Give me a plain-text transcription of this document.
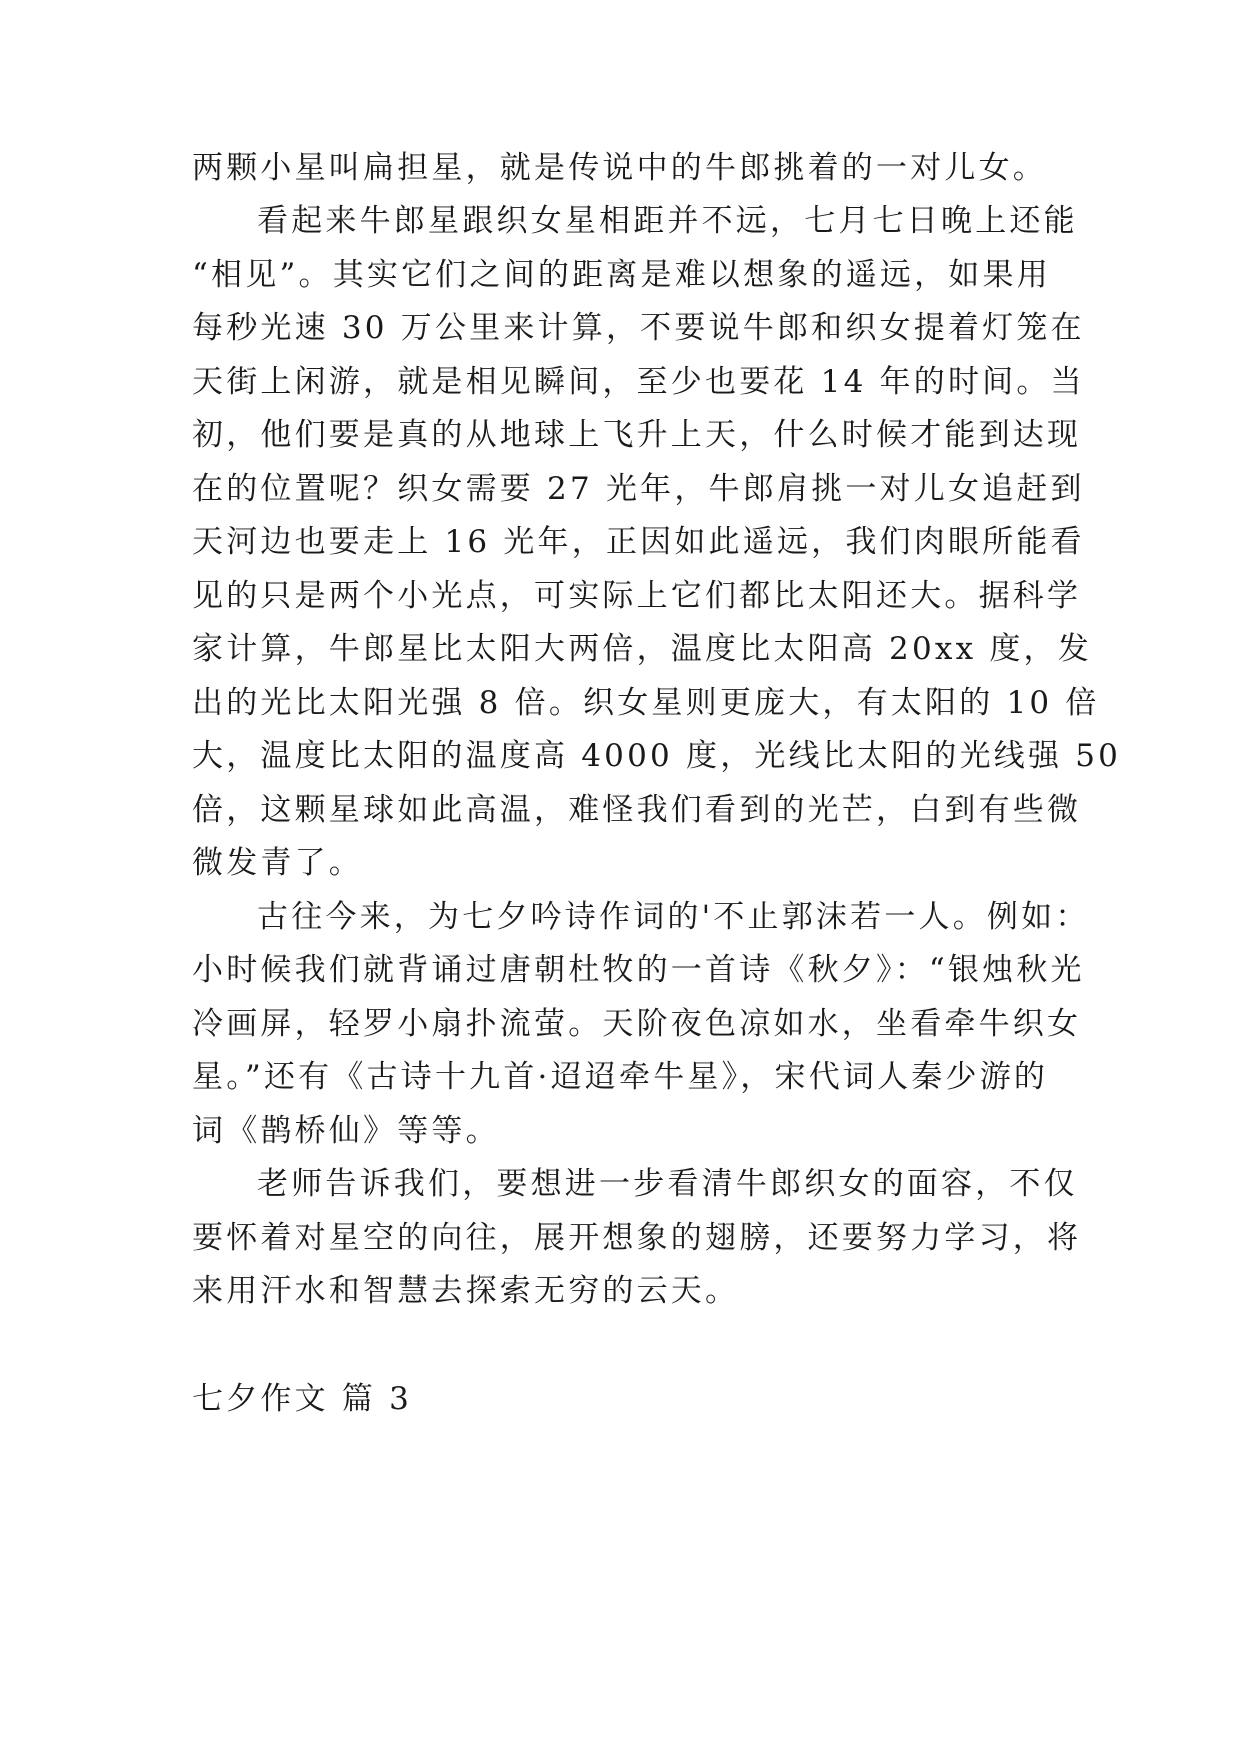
两颗小星叫扁担星，就是传说中的牛郎挑着的一对儿女。

看起来牛郎星跟织女星相距并不远，七月七日晚上还能

“相见”。其实它们之间的距离是难以想象的遥远，如果用

每秒光速 30 万公里来计算，不要说牛郎和织女提着灯笼在

天街上闲游，就是相见瞬间，至少也要花 14 年的时间。当

初，他们要是真的从地球上飞升上天，什么时候才能到达现

在的位置呢？织女需要 27 光年，牛郎肩挑一对儿女追赶到

天河边也要走上 16 光年，正因如此遥远，我们肉眼所能看

见的只是两个小光点，可实际上它们都比太阳还大。据科学

家计算，牛郎星比太阳大两倍，温度比太阳高 20xx 度，发

出的光比太阳光强 8 倍。织女星则更庞大，有太阳的 10 倍

大，温度比太阳的温度高 4000 度，光线比太阳的光线强 50

倍，这颗星球如此高温，难怪我们看到的光芒，白到有些微

微发青了。

古往今来，为七夕吟诗作词的'不止郭沫若一人。例如：

小时候我们就背诵过唐朝杜牧的一首诗《秋夕》：“银烛秋光

冷画屏，轻罗小扇扑流萤。天阶夜色凉如水，坐看牵牛织女

星。”还有《古诗十九首·迢迢牵牛星》，宋代词人秦少游的

词《鹊桥仙》等等。

老师告诉我们，要想进一步看清牛郎织女的面容，不仅

要怀着对星空的向往，展开想象的翅膀，还要努力学习，将

来用汗水和智慧去探索无穷的云天。

七夕作文 篇 3
